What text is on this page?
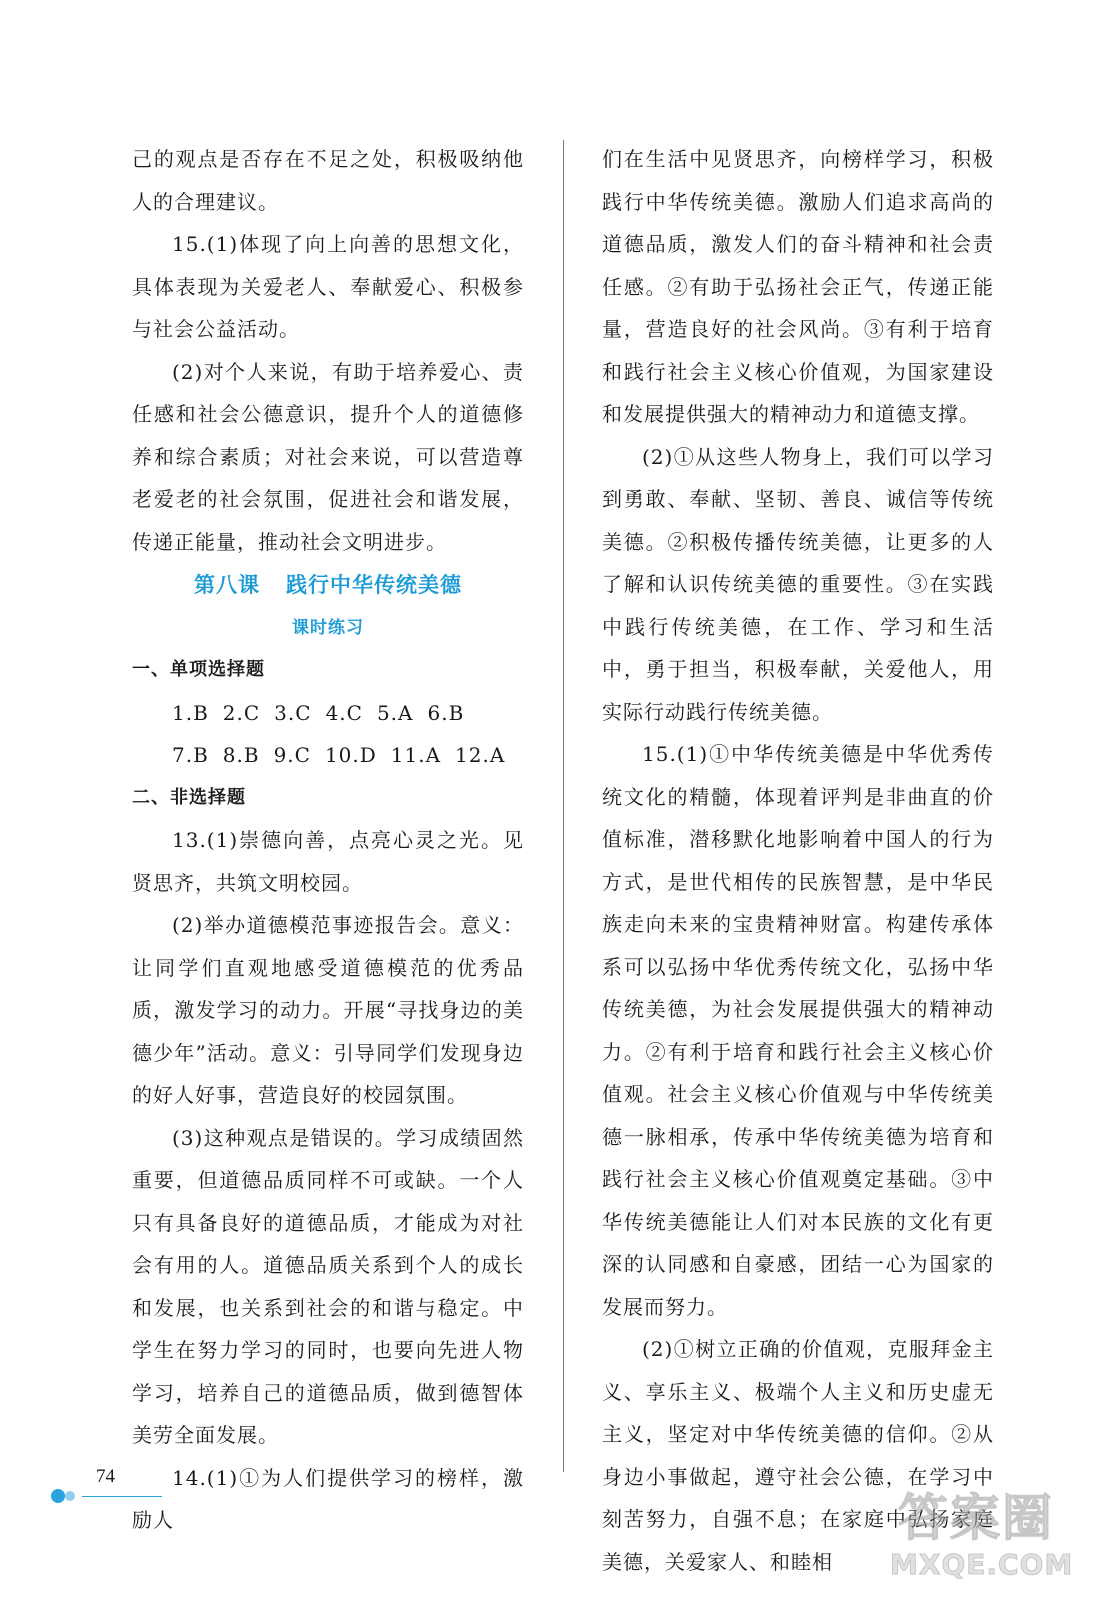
己的观点是否存在不足之处，积极吸纳他人的合理建议。

15.(1)体现了向上向善的思想文化，具体表现为关爱老人、奉献爱心、积极参与社会公益活动。

(2)对个人来说，有助于培养爱心、责任感和社会公德意识，提升个人的道德修养和综合素质；对社会来说，可以营造尊老爱老的社会氛围，促进社会和谐发展，传递正能量，推动社会文明进步。

第八课 践行中华传统美德
课时练习
一、单项选择题
1.B 2.C 3.C 4.C 5.A 6.B
7.B 8.B 9.C 10.D 11.A 12.A
二、非选择题

13.(1)崇德向善，点亮心灵之光。见贤思齐，共筑文明校园。

(2)举办道德模范事迹报告会。意义：让同学们直观地感受道德模范的优秀品质，激发学习的动力。开展“寻找身边的美德少年”活动。意义：引导同学们发现身边的好人好事，营造良好的校园氛围。

(3)这种观点是错误的。学习成绩固然重要，但道德品质同样不可或缺。一个人只有具备良好的道德品质，才能成为对社会有用的人。道德品质关系到个人的成长和发展，也关系到社会的和谐与稳定。中学生在努力学习的同时，也要向先进人物学习，培养自己的道德品质，做到德智体美劳全面发展。

14.(1)①为人们提供学习的榜样，激励人

们在生活中见贤思齐，向榜样学习，积极践行中华传统美德。激励人们追求高尚的道德品质，激发人们的奋斗精神和社会责任感。②有助于弘扬社会正气，传递正能量，营造良好的社会风尚。③有利于培育和践行社会主义核心价值观，为国家建设和发展提供强大的精神动力和道德支撑。

(2)①从这些人物身上，我们可以学习到勇敢、奉献、坚韧、善良、诚信等传统美德。②积极传播传统美德，让更多的人了解和认识传统美德的重要性。③在实践中践行传统美德，在工作、学习和生活中，勇于担当，积极奉献，关爱他人，用实际行动践行传统美德。

15.(1)①中华传统美德是中华优秀传统文化的精髓，体现着评判是非曲直的价值标准，潜移默化地影响着中国人的行为方式，是世代相传的民族智慧，是中华民族走向未来的宝贵精神财富。构建传承体系可以弘扬中华优秀传统文化，弘扬中华传统美德，为社会发展提供强大的精神动力。②有利于培育和践行社会主义核心价值观。社会主义核心价值观与中华传统美德一脉相承，传承中华传统美德为培育和践行社会主义核心价值观奠定基础。③中华传统美德能让人们对本民族的文化有更深的认同感和自豪感，团结一心为国家的发展而努力。

(2)①树立正确的价值观，克服拜金主义、享乐主义、极端个人主义和历史虚无主义，坚定对中华传统美德的信仰。②从身边小事做起，遵守社会公德，在学习中刻苦努力，自强不息；在家庭中弘扬家庭美德，关爱家人、和睦相

74
答案圈
MXQE.COM
